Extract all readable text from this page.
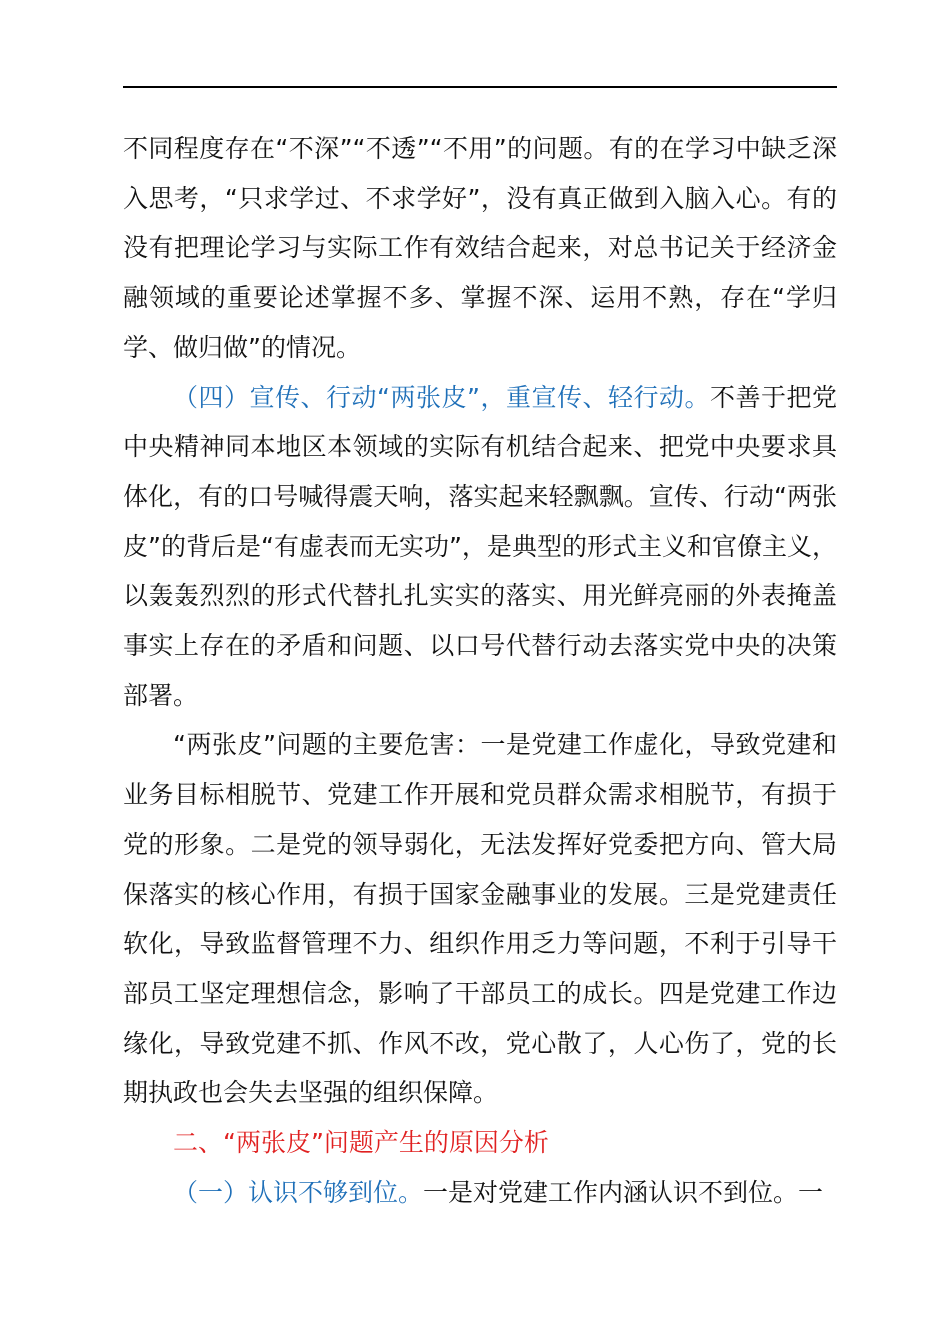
不同程度存在“不深”“不透”“不用”的问题。有的在学习中缺乏深入思考，“只求学过、不求学好”，没有真正做到入脑入心。有的没有把理论学习与实际工作有效结合起来，对总书记关于经济金融领域的重要论述掌握不多、掌握不深、运用不熟，存在“学归学、做归做”的情况。

（四）宣传、行动“两张皮”，重宣传、轻行动。不善于把党中央精神同本地区本领域的实际有机结合起来、把党中央要求具体化，有的口号喊得震天响，落实起来轻飘飘。宣传、行动“两张皮”的背后是“有虚表而无实功”，是典型的形式主义和官僚主义，以轰轰烈烈的形式代替扎扎实实的落实、用光鲜亮丽的外表掩盖事实上存在的矛盾和问题、以口号代替行动去落实党中央的决策部署。

“两张皮”问题的主要危害：一是党建工作虚化，导致党建和业务目标相脱节、党建工作开展和党员群众需求相脱节，有损于党的形象。二是党的领导弱化，无法发挥好党委把方向、管大局保落实的核心作用，有损于国家金融事业的发展。三是党建责任软化，导致监督管理不力、组织作用乏力等问题，不利于引导干部员工坚定理想信念，影响了干部员工的成长。四是党建工作边缘化，导致党建不抓、作风不改，党心散了，人心伤了，党的长期执政也会失去坚强的组织保障。

二、“两张皮”问题产生的原因分析

（一）认识不够到位。一是对党建工作内涵认识不到位。一
